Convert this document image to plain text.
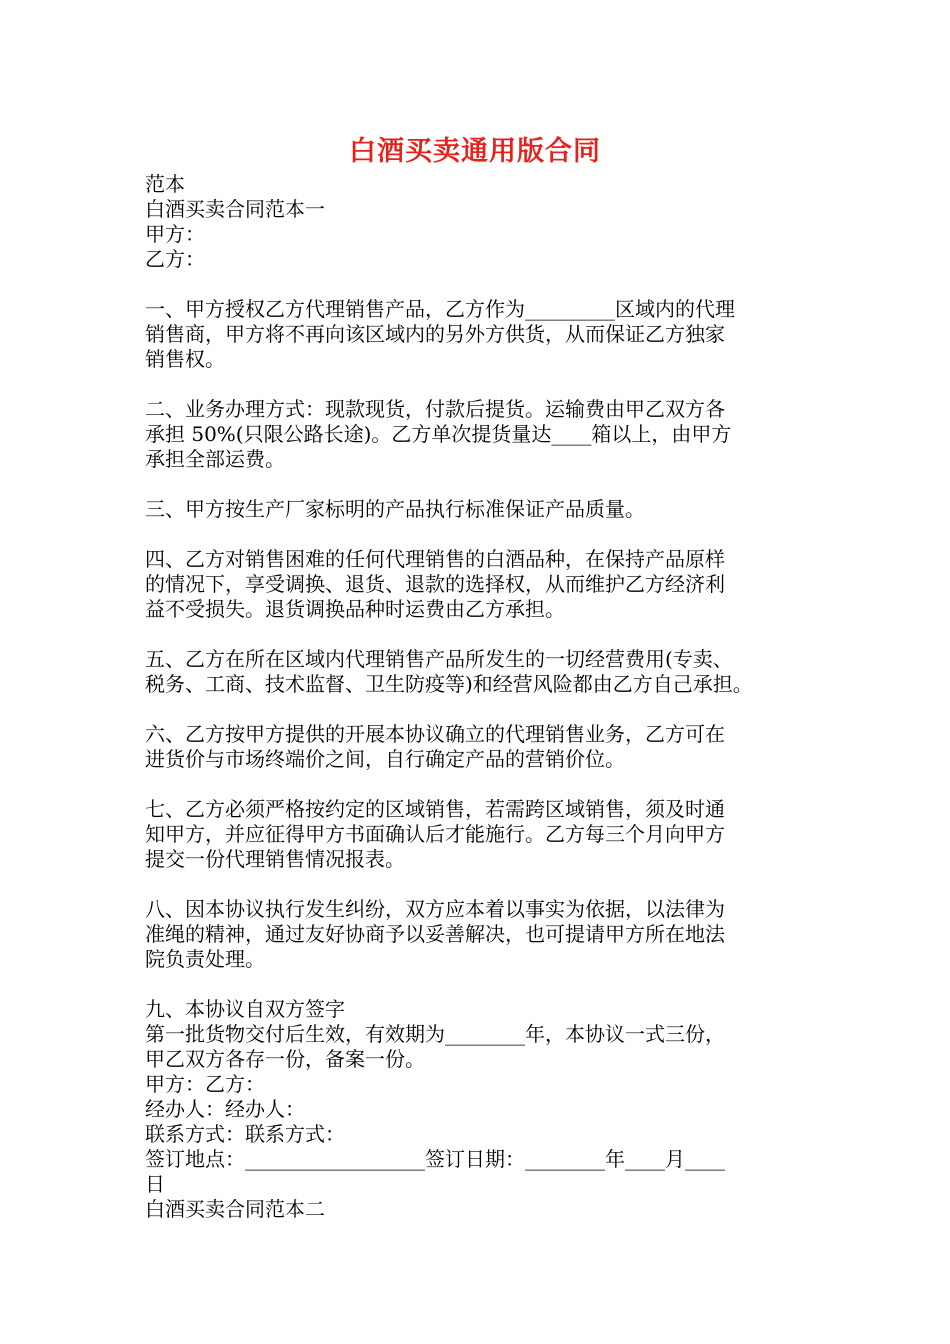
白酒买卖通用版合同
范本
白酒买卖合同范本一
甲方：
乙方：
一、甲方授权乙方代理销售产品，乙方作为_________区域内的代理
销售商，甲方将不再向该区域内的另外方供货，从而保证乙方独家
销售权。
二、业务办理方式：现款现货，付款后提货。运输费由甲乙双方各
承担 50%(只限公路长途)。乙方单次提货量达____箱以上，由甲方
承担全部运费。
三、甲方按生产厂家标明的产品执行标准保证产品质量。
四、乙方对销售困难的任何代理销售的白酒品种，在保持产品原样
的情况下，享受调换、退货、退款的选择权，从而维护乙方经济利
益不受损失。退货调换品种时运费由乙方承担。
五、乙方在所在区域内代理销售产品所发生的一切经营费用(专卖、
税务、工商、技术监督、卫生防疫等)和经营风险都由乙方自己承担。
六、乙方按甲方提供的开展本协议确立的代理销售业务，乙方可在
进货价与市场终端价之间，自行确定产品的营销价位。
七、乙方必须严格按约定的区域销售，若需跨区域销售，须及时通
知甲方，并应征得甲方书面确认后才能施行。乙方每三个月向甲方
提交一份代理销售情况报表。
八、因本协议执行发生纠纷，双方应本着以事实为依据，以法律为
准绳的精神，通过友好协商予以妥善解决，也可提请甲方所在地法
院负责处理。
九、本协议自双方签字
第一批货物交付后生效，有效期为________年，本协议一式三份，
甲乙双方各存一份，备案一份。
甲方：乙方：
经办人：经办人：
联系方式：联系方式：
签订地点：__________________签订日期：________年____月____
日
白酒买卖合同范本二
